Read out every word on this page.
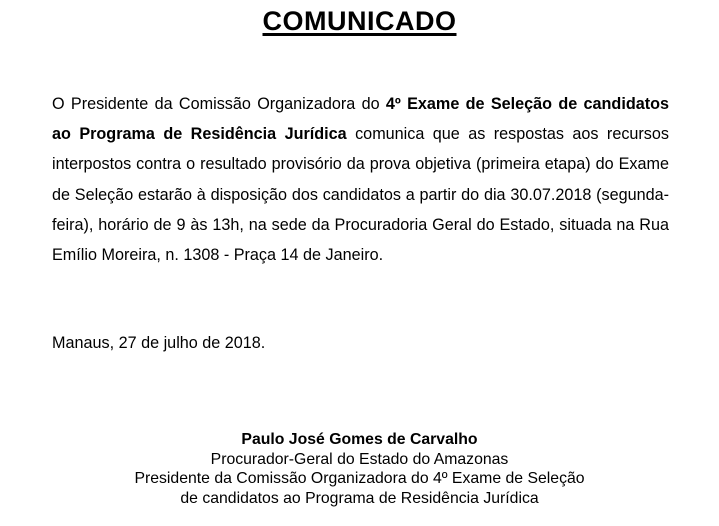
COMUNICADO

O Presidente da Comissão Organizadora do 4º Exame de Seleção de candidatos ao Programa de Residência Jurídica comunica que as respostas aos recursos interpostos contra o resultado provisório da prova objetiva (primeira etapa) do Exame de Seleção estarão à disposição dos candidatos a partir do dia 30.07.2018 (segunda-feira), horário de 9 às 13h, na sede da Procuradoria Geral do Estado, situada na Rua Emílio Moreira, n. 1308 - Praça 14 de Janeiro.

Manaus, 27 de julho de 2018.

Paulo José Gomes de Carvalho
Procurador-Geral do Estado do Amazonas
Presidente da Comissão Organizadora do 4º Exame de Seleção
de candidatos ao Programa de Residência Jurídica
